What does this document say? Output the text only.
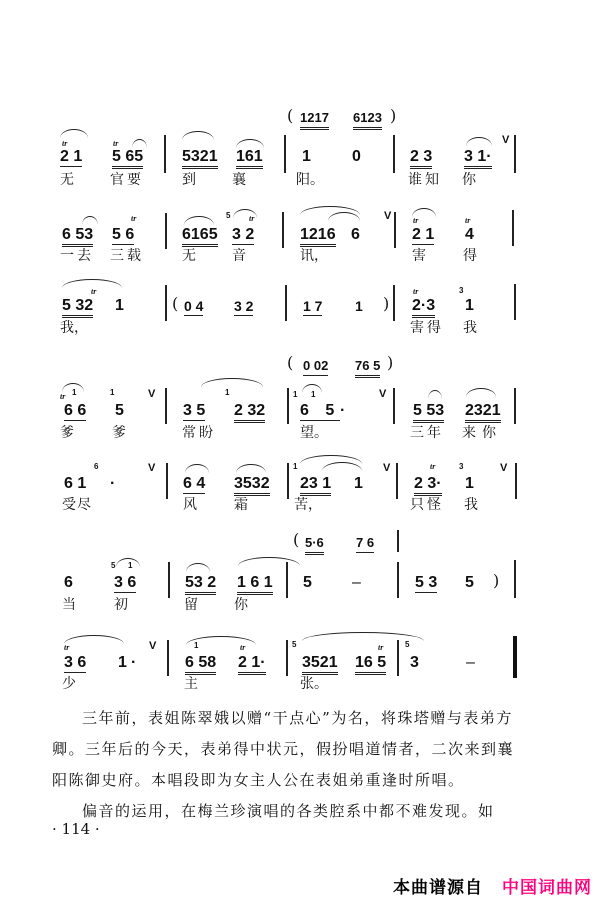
( 1217 6123 )
tr
2 1
tr
5 65 5321 161 1	0	2 3 3 1·
V
无	官要	到	襄	阳。	谁知 你
6 53
tr
5 6	6165
5 tr
3 2	1216 6
V	tr
2 1
tr
4
一去 三载	无	音	讯，	害	得
tr
5 32 1	( 0 4 3 2	1 7 1 )
tr
2·3
3
1
我，	害得 我
( 0 02 76 5 )
tr 1
6 6
1
5
V
3 5
1
2 32
1 1
6 5 ·
V
5 53 2321
爹	爹	常盼	望。	三年 来你
6 1
6
·
V
6 4 3532
1
23 1 1
V	tr
2 3·
3
1
V
受尽	风	霜	苦，	只怪 我
( 5·6 7 6
6
5 1
3 6	53 2 1 6 1 5	–	5 3 5 )
当	初	留	你
tr
3 6 1 ·
V	1	tr
6 58 2 1·
5
3521
tr
16 5
5
3	–
少	主	张。

三年前，表姐陈翠娥以赠“干点心”为名，将珠塔赠与表弟方

卿。三年后的今天，表弟得中状元，假扮唱道情者，二次来到襄

阳陈御史府。本唱段即为女主人公在表姐弟重逢时所唱。

偏音的运用，在梅兰珍演唱的各类腔系中都不难发现。如

· 114 ·
本曲谱源自 中国词曲网
